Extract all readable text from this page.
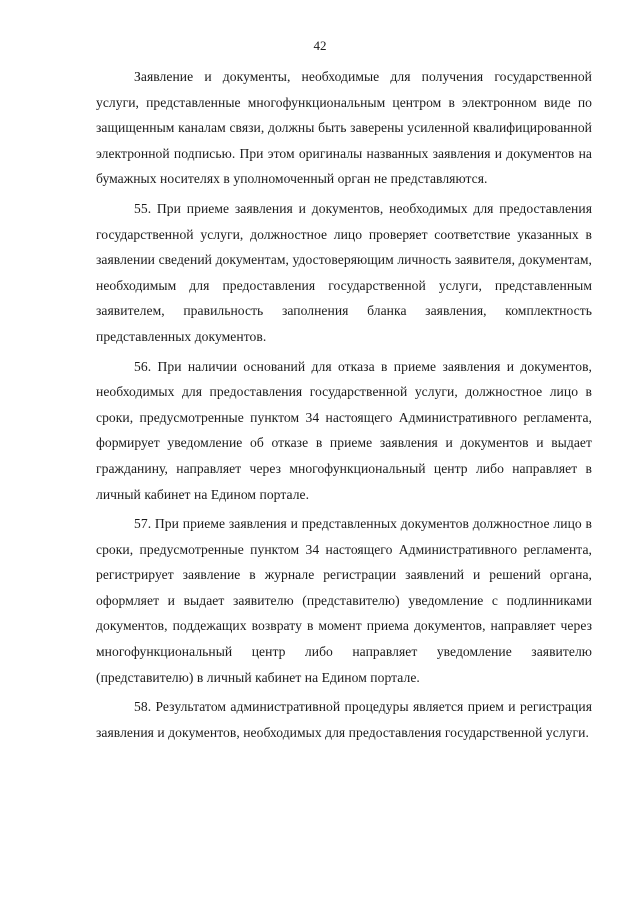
42

Заявление и документы, необходимые для получения государственной услуги, представленные многофункциональным центром в электронном виде по защищенным каналам связи, должны быть заверены усиленной квалифицированной электронной подписью. При этом оригиналы названных заявления и документов на бумажных носителях в уполномоченный орган не представляются.

55. При приеме заявления и документов, необходимых для предоставления государственной услуги, должностное лицо проверяет соответствие указанных в заявлении сведений документам, удостоверяющим личность заявителя, документам, необходимым для предоставления государственной услуги, представленным заявителем, правильность заполнения бланка заявления, комплектность представленных документов.

56. При наличии оснований для отказа в приеме заявления и документов, необходимых для предоставления государственной услуги, должностное лицо в сроки, предусмотренные пунктом 34 настоящего Административного регламента, формирует уведомление об отказе в приеме заявления и документов и выдает гражданину, направляет через многофункциональный центр либо направляет в личный кабинет на Едином портале.

57. При приеме заявления и представленных документов должностное лицо в сроки, предусмотренные пунктом 34 настоящего Административного регламента, регистрирует заявление в журнале регистрации заявлений и решений органа, оформляет и выдает заявителю (представителю) уведомление с подлинниками документов, поддежащих возврату в момент приема документов, направляет через многофункциональный центр либо направляет уведомление заявителю (представителю) в личный кабинет на Едином портале.

58. Результатом административной процедуры является прием и регистрация заявления и документов, необходимых для предоставления государственной услуги.
